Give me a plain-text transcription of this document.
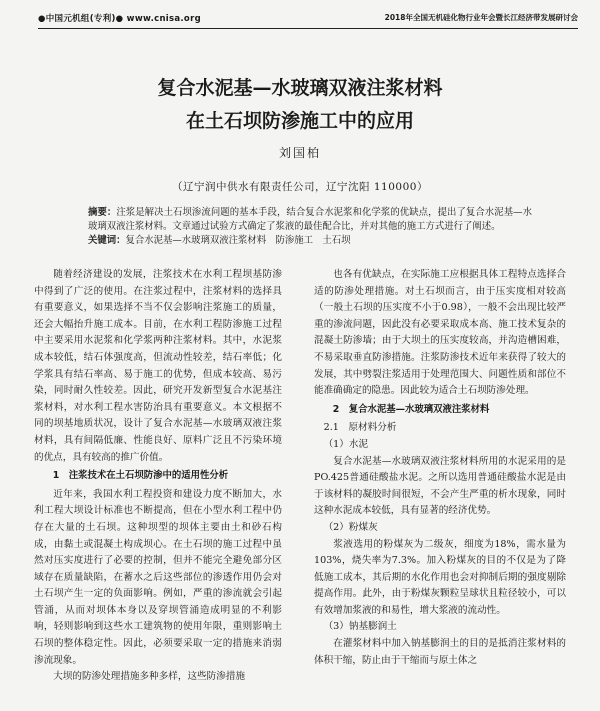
●中国元机组(专利)● www.cnisa.org	2018年全国无机硅化物行业年会暨长江经济带发展研讨会
复合水泥基—水玻璃双液注浆材料
在土石坝防渗施工中的应用
刘国柏
（辽宁润中供水有限责任公司，辽宁沈阳 110000）
摘要：注浆是解决土石坝渗流问题的基本手段，结合复合水泥浆和化学浆的优缺点，提出了复合水泥基—水玻璃双液注浆材料。文章通过试验方式确定了浆液的最佳配合比，并对其他的施工方式进行了阐述。
关键词：复合水泥基—水玻璃双液注浆材料　防渗施工　土石坝

随着经济建设的发展，注浆技术在水利工程坝基防渗中得到了广泛的使用。在注浆过程中，注浆材料的选择具有重要意义，如果选择不当不仅会影响注浆施工的质量，还会大幅抬升施工成本。目前，在水利工程防渗施工过程中主要采用水泥浆和化学浆两种注浆材料。其中，水泥浆成本较低，结石体强度高，但流动性较差，结石率低；化学浆具有结石率高、易于施工的优势，但成本较高、易污染，同时耐久性较差。因此，研究开发新型复合水泥基注浆材料，对水利工程水害防治具有重要意义。本文根据不同的坝基地质状况，设计了复合水泥基—水玻璃双液注浆材料，具有间隔低廉、性能良好、原料广泛且不污染环境的优点，具有较高的推广价值。

1　注浆技术在土石坝防渗中的适用性分析

近年来，我国水利工程投资和建设力度不断加大，水利工程大坝设计标准也不断提高，但在小型水利工程中仍存在大量的土石坝。这种坝型的坝体主要由土和砂石构成，由黏土或混凝土构成坝心。在土石坝的施工过程中虽然对压实度进行了必要的控制，但并不能完全避免部分区域存在质量缺陷，在蓄水之后这些部位的渗透作用仍会对土石坝产生一定的负面影响。例如，严重的渗流就会引起管涌，从而对坝体本身以及穿坝管涌造成明显的不利影响，轻则影响到这些水工建筑物的使用年限，重则影响土石坝的整体稳定性。因此，必须要采取一定的措施来消弱渗流现象。

大坝的防渗处理措施多种多样，这些防渗措施

也各有优缺点，在实际施工应根据具体工程特点选择合适的防渗处理措施。对土石坝而言，由于压实度相对较高（一般土石坝的压实度不小于0.98），一般不会出现比较严重的渗流问题，因此没有必要采取成本高、施工技术复杂的混凝土防渗墙；由于大坝土的压实度较高，并沟造槽困难，不易采取垂直防渗措施。注浆防渗技术近年来获得了较大的发展，其中劈裂注浆适用于处理范围大、问题性质和部位不能准确确定的隐患。因此较为适合土石坝防渗处理。

2　复合水泥基—水玻璃双液注浆材料
2.1　原材料分析
（1）水泥

复合水泥基—水玻璃双液注浆材料所用的水泥采用的是PO.425普通硅酸盐水泥。之所以选用普通硅酸盐水泥是由于该材料的凝胶时间很短，不会产生严重的析水现象，同时这种水泥成本较低，具有显著的经济优势。

（2）粉煤灰

浆液选用的粉煤灰为二级灰，细度为18%，需水量为103%，烧失率为7.3%。加入粉煤灰的目的不仅是为了降低施工成本，其后期的水化作用也会对抑制后期的强度剔除提高作用。此外，由于粉煤灰颗粒呈球状且粒径较小，可以有效增加浆液的和易性，增大浆液的流动性。

（3）钠基膨润土

在灌浆材料中加入钠基膨润土的目的是抵消注浆材料的体积干缩，防止由于干缩而与原土体之
